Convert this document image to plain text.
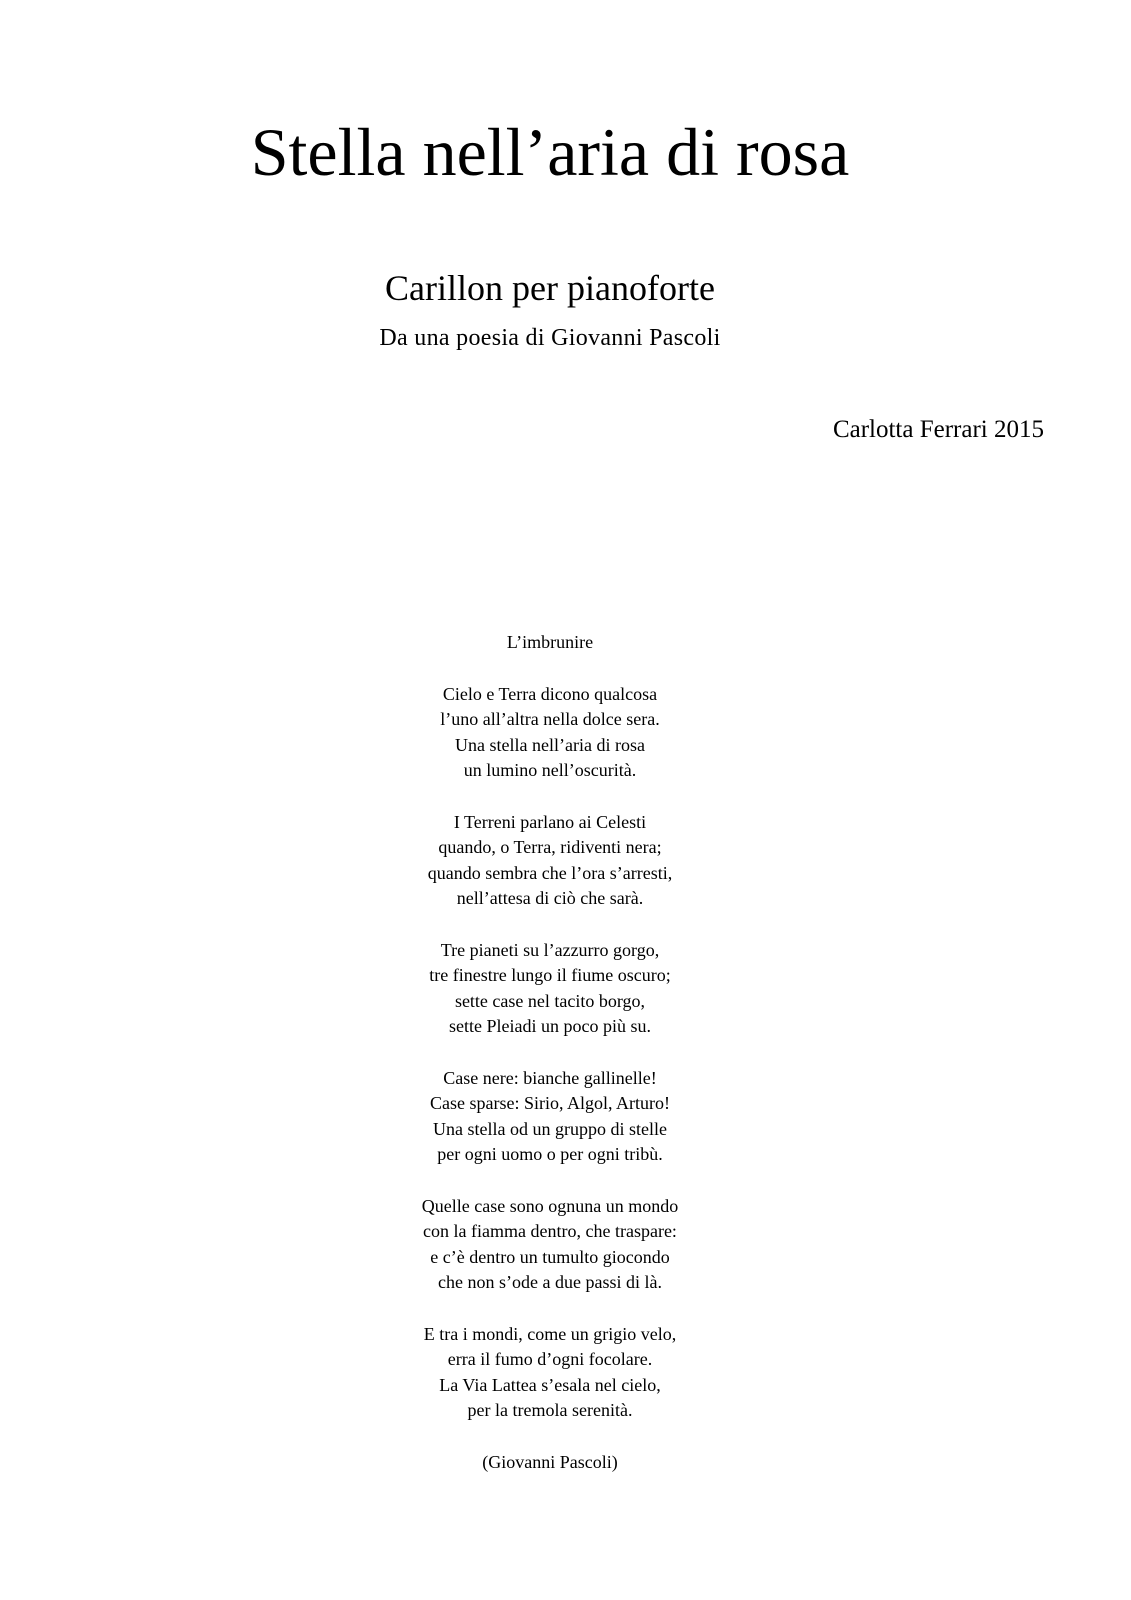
Stella nell’aria di rosa
Carillon per pianoforte
Da una poesia di Giovanni Pascoli
Carlotta Ferrari 2015
L’imbrunire
Cielo e Terra dicono qualcosa
l’uno all’altra nella dolce sera.
Una stella nell’aria di rosa
un lumino nell’oscurità.
I Terreni parlano ai Celesti
quando, o Terra, ridiventi nera;
quando sembra che l’ora s’arresti,
nell’attesa di ciò che sarà.
Tre pianeti su l’azzurro gorgo,
tre finestre lungo il fiume oscuro;
sette case nel tacito borgo,
sette Pleiadi un poco più su.
Case nere: bianche gallinelle!
Case sparse: Sirio, Algol, Arturo!
Una stella od un gruppo di stelle
per ogni uomo o per ogni tribù.
Quelle case sono ognuna un mondo
con la fiamma dentro, che traspare:
e c’è dentro un tumulto giocondo
che non s’ode a due passi di là.
E tra i mondi, come un grigio velo,
erra il fumo d’ogni focolare.
La Via Lattea s’esala nel cielo,
per la tremola serenità.
(Giovanni Pascoli)
